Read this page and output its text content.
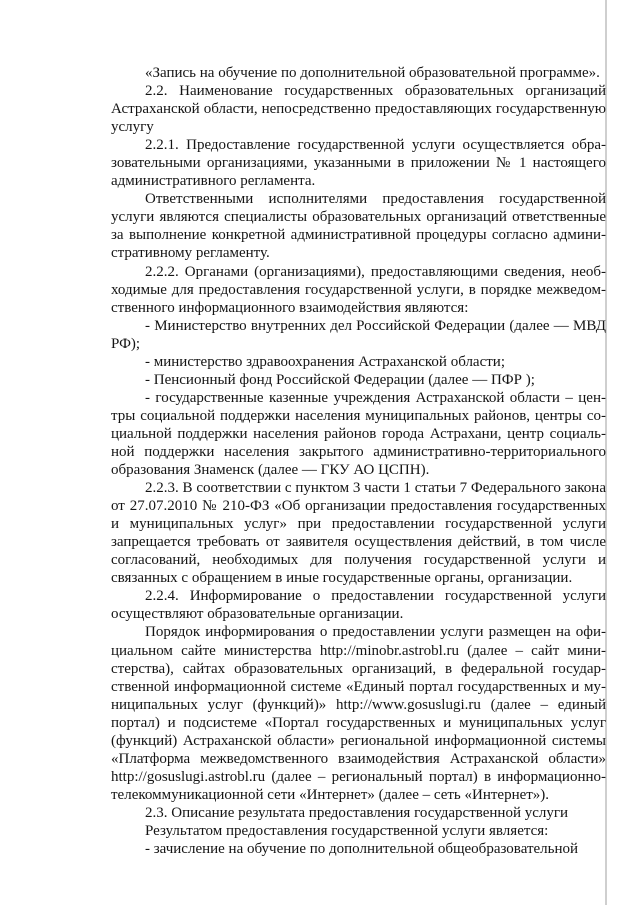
«Запись на обучение по дополнительной образовательной программе».

2.2. Наименование государственных образовательных организаций Астраханской области, непосредственно предоставляющих государственную услугу

2.2.1. Предоставление государственной услуги осуществляется образовательными организациями, указанными в приложении № 1 настоящего административного регламента.

Ответственными исполнителями предоставления государственной услуги являются специалисты образовательных организаций ответственные за выполнение конкретной административной процедуры согласно административному регламенту.

2.2.2. Органами (организациями), предоставляющими сведения, необходимые для предоставления государственной услуги, в порядке межведомственного информационного взаимодействия являются:

- Министерство внутренних дел Российской Федерации (далее — МВД РФ);

- министерство здравоохранения Астраханской области;

- Пенсионный фонд Российской Федерации (далее — ПФР );

- государственные казенные учреждения Астраханской области – центры социальной поддержки населения муниципальных районов, центры социальной поддержки населения районов города Астрахани, центр социальной поддержки населения закрытого административно-территориального образования Знаменск (далее — ГКУ АО ЦСПН).

2.2.3. В соответствии с пунктом 3 части 1 статьи 7 Федерального закона от 27.07.2010 № 210-ФЗ «Об организации предоставления государственных и муниципальных услуг» при предоставлении государственной услуги запрещается требовать от заявителя осуществления действий, в том числе согласований, необходимых для получения государственной услуги и связанных с обращением в иные государственные органы, организации.

2.2.4. Информирование о предоставлении государственной услуги осуществляют образовательные организации.

Порядок информирования о предоставлении услуги размещен на официальном сайте министерства http://minobr.astrobl.ru (далее – сайт министерства), сайтах образовательных организаций, в федеральной государственной информационной системе «Единый портал государственных и муниципальных услуг (функций)» http://www.gosuslugi.ru (далее – единый портал) и подсистеме «Портал государственных и муниципальных услуг (функций) Астраханской области» региональной информационной системы «Платформа межведомственного взаимодействия Астраханской области» http://gosuslugi.astrobl.ru (далее – региональный портал) в информационнотелекоммуникационной сети «Интернет» (далее – сеть «Интернет»).

2.3. Описание результата предоставления государственной услуги

Результатом предоставления государственной услуги является:

- зачисление на обучение по дополнительной общеобразовательной
